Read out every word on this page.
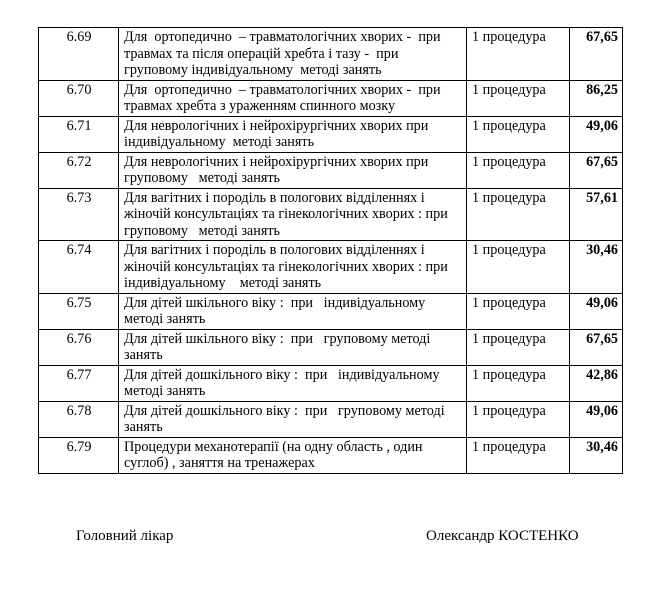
6.69	Для  ортопедично  – травматологічних хворих -  при травмах та після операцій хребта і тазу -  при груповому індивідуальному  методі занять	1 процедура	67,65
6.70	Для  ортопедично  – травматологічних хворих -  при травмах хребта з ураженням спинного мозку	1 процедура	86,25
6.71	Для неврологічних і нейрохірургічних хворих при індивідуальному  методі занять	1 процедура	49,06
6.72	Для неврологічних і нейрохірургічних хворих при груповому   методі занять	1 процедура	67,65
6.73	Для вагітних і породіль в пологових відділеннях і жіночій консультаціях та гінекологічних хворих : при груповому   методі занять	1 процедура	57,61
6.74	Для вагітних і породіль в пологових відділеннях і жіночій консультаціях та гінекологічних хворих : при індивідуальному    методі занять	1 процедура	30,46
6.75	Для дітей шкільного віку :  при   індивідуальному методі занять	1 процедура	49,06
6.76	Для дітей шкільного віку :  при   груповому методі занять	1 процедура	67,65
6.77	Для дітей дошкільного віку :  при   індивідуальному методі занять	1 процедура	42,86
6.78	Для дітей дошкільного віку :  при   груповому методі занять	1 процедура	49,06
6.79	Процедури механотерапії (на одну область , один суглоб) , заняття на тренажерах	1 процедура	30,46
Головний лікар	Олександр КОСТЕНКО
